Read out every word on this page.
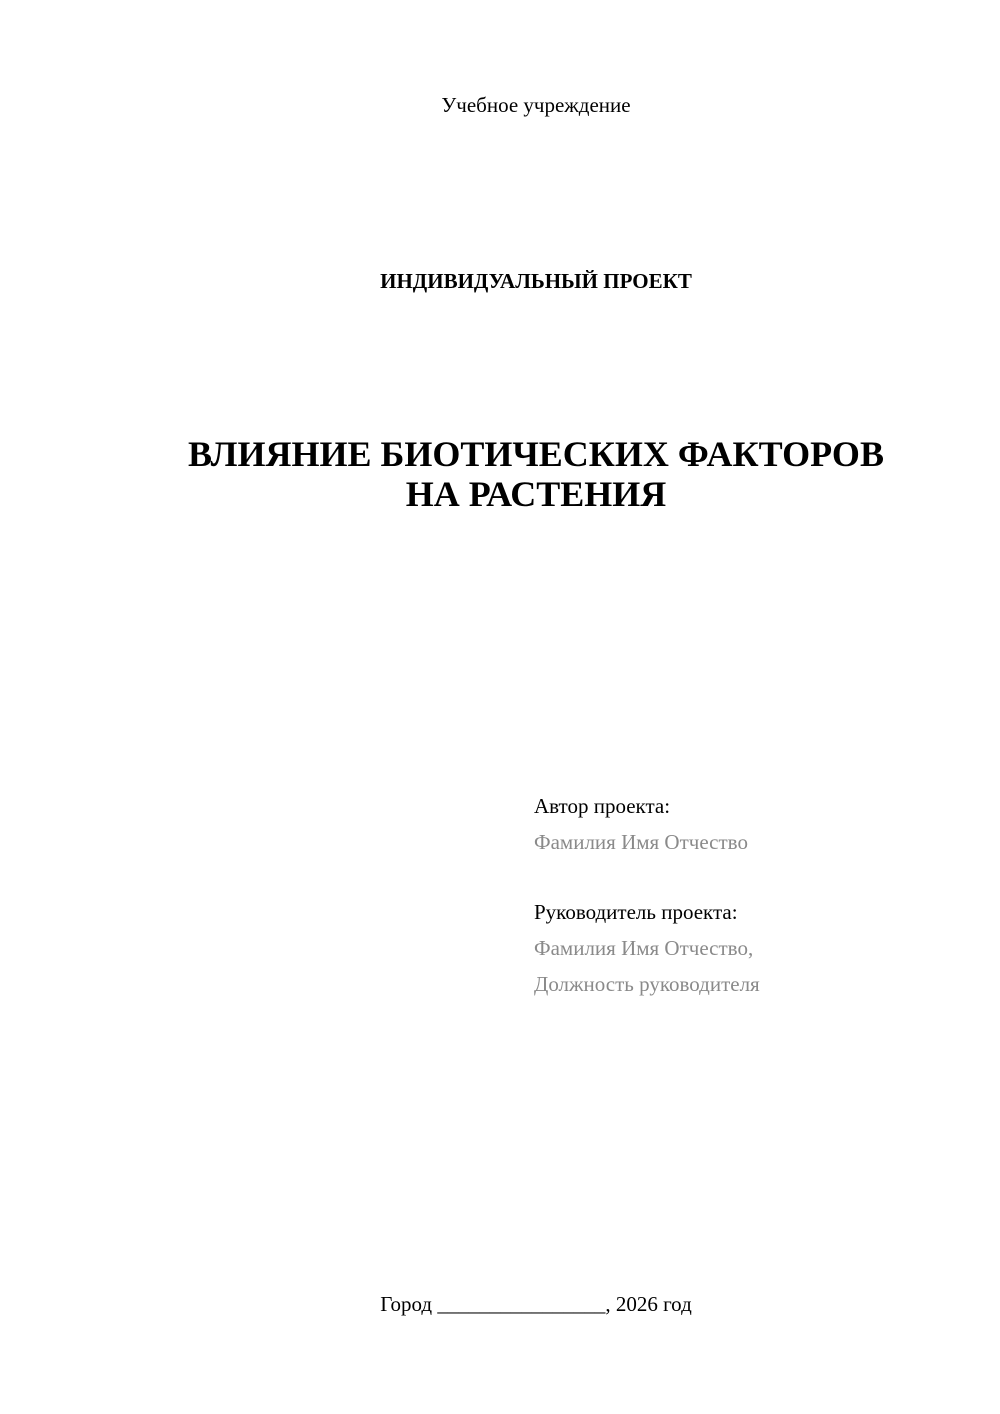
Учебное учреждение
ИНДИВИДУАЛЬНЫЙ ПРОЕКТ
ВЛИЯНИЕ БИОТИЧЕСКИХ ФАКТОРОВ
НА РАСТЕНИЯ
Автор проекта:
Фамилия Имя Отчество
Руководитель проекта:
Фамилия Имя Отчество,
Должность руководителя
Город ________________, 2026 год
